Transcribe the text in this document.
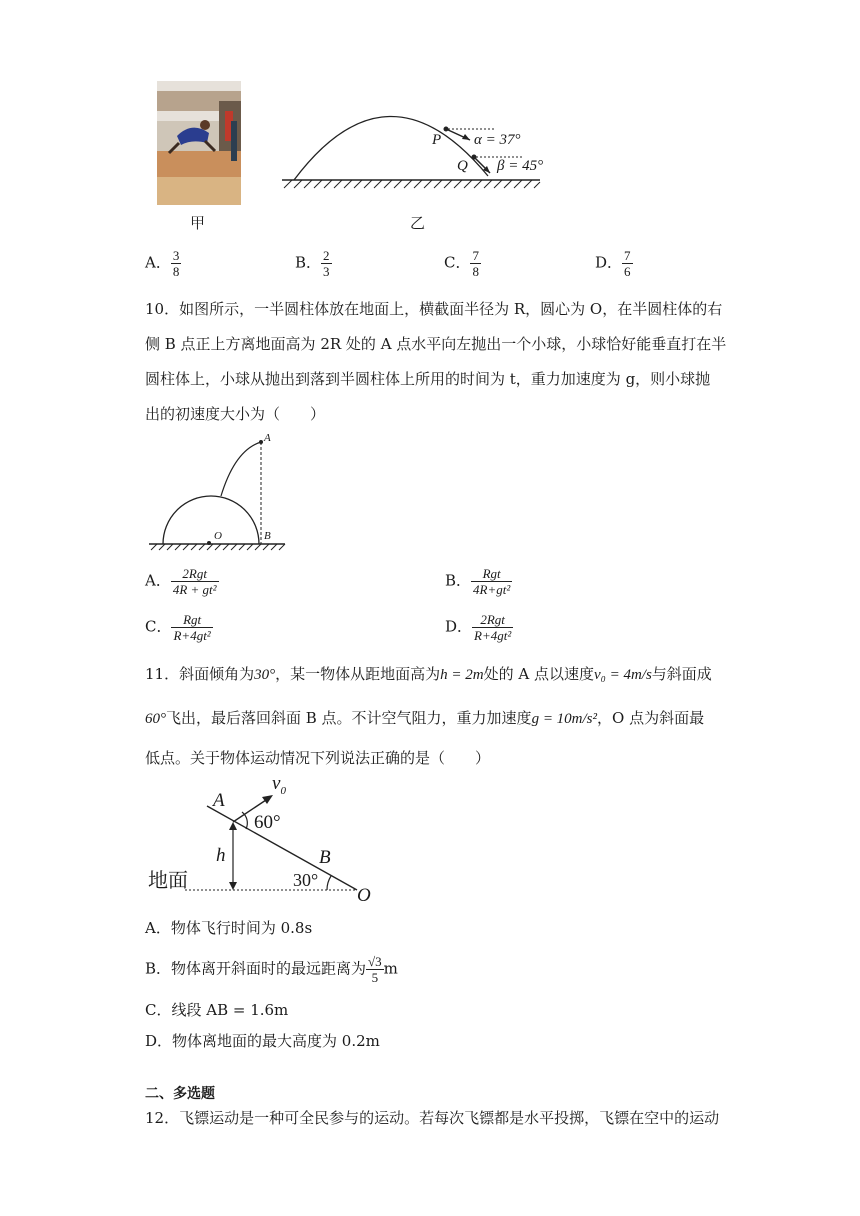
甲
P
Q
α = 37°
β = 45°
乙
A． $\frac{3}{8}$	B． $\frac{2}{3}$	C． $\frac{7}{8}$	D． $\frac{7}{6}$
10．如图所示，一半圆柱体放在地面上，横截面半径为 R，圆心为 O，在半圆柱体的右
侧 B 点正上方离地面高为 2R 处的 A 点水平向左抛出一个小球，小球恰好能垂直打在半
圆柱体上，小球从抛出到落到半圆柱体上所用的时间为 t，重力加速度为 g，则小球抛
出的初速度大小为（　　）
A
O	B
A． $\frac{\text{2Rgt}}{\text{4R + gt²}}$	B． $\frac{\text{Rgt}}{\text{4R+gt²}}$
C． $\frac{\text{Rgt}}{\text{R+4gt²}}$	D． $\frac{\text{2Rgt}}{\text{R+4gt²}}$
11．斜面倾角为30°，某一物体从距地面高为h = 2m处的 A 点以速度v₀ = 4m/s与斜面成
60°飞出，最后落回斜面 B 点。不计空气阻力，重力加速度g = 10m/s²，O 点为斜面最
低点。关于物体运动情况下列说法正确的是（　　）
A
$v_0$
60°
h	B
30°
O
地面
A．物体飞行时间为 0.8s
B．物体离开斜面时的最远距离为 $\frac{√3}{5}$ m
C．线段 AB = 1.6m
D．物体离地面的最大高度为 0.2m
二、多选题
12．飞镖运动是一种可全民参与的运动。若每次飞镖都是水平投掷，飞镖在空中的运动
